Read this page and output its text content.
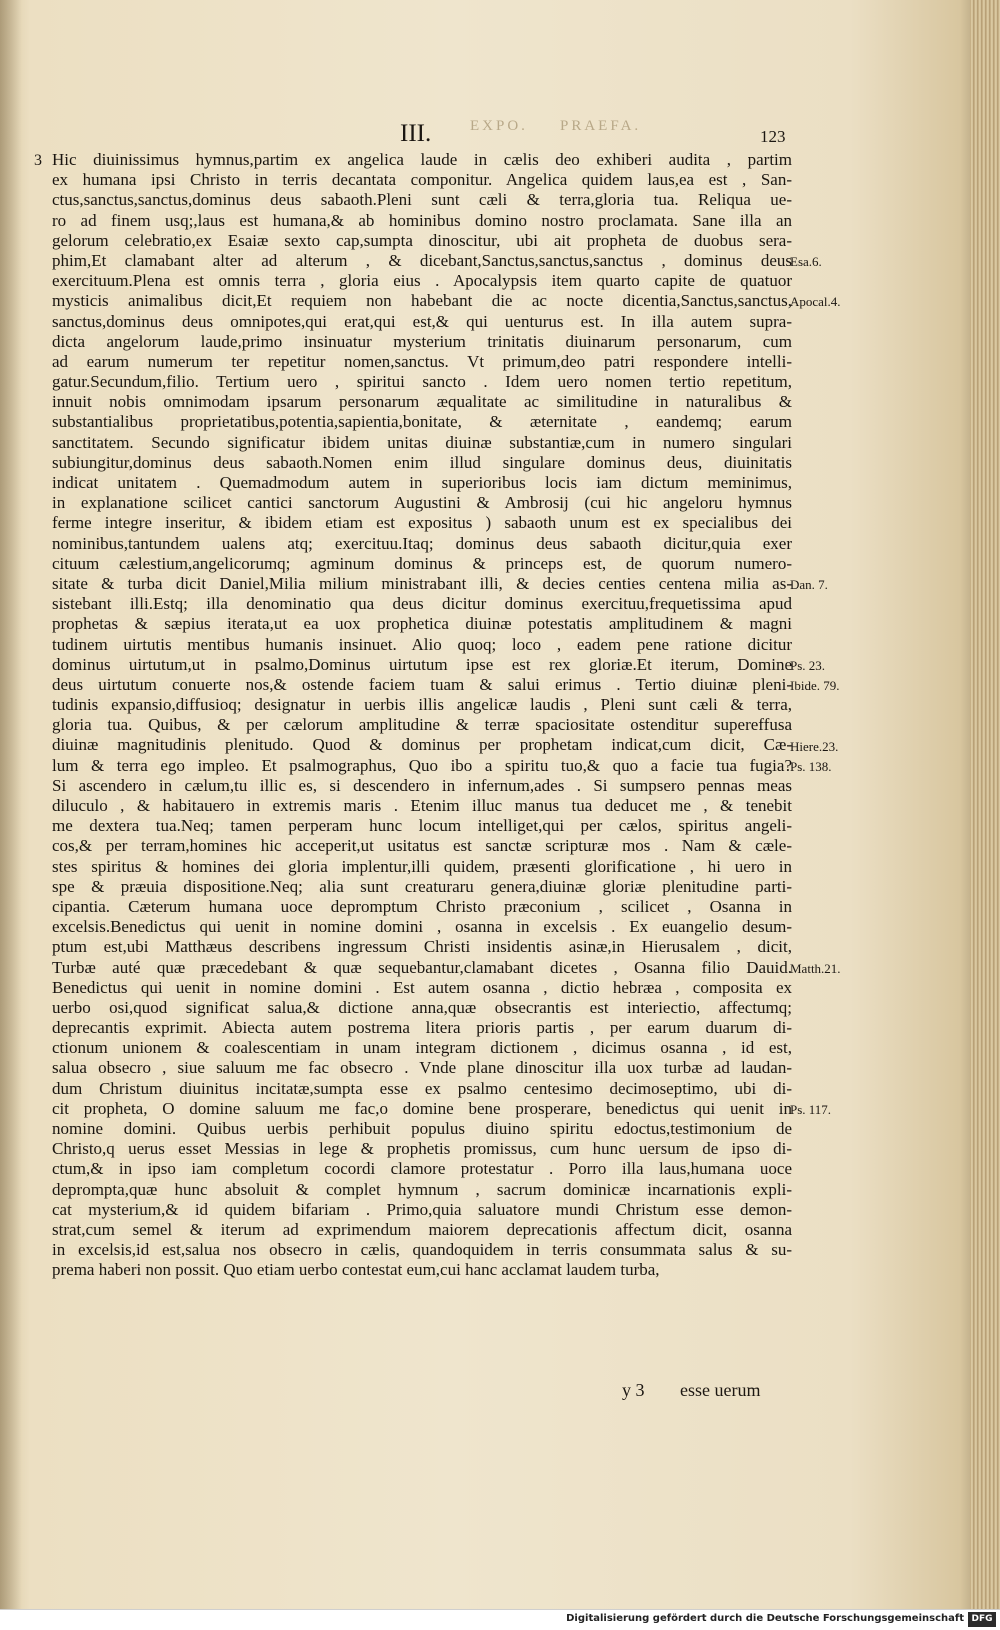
EXPO. PRAEFA.
III.	123
3 Hic diuinissimus hymnus,partim ex angelica laude in cælis deo exhiberi audita , partim
ex humana ipsi Christo in terris decantata componitur. Angelica quidem laus,ea est , San-
ctus,sanctus,sanctus,dominus deus sabaoth.Pleni sunt cæli & terra,gloria tua. Reliqua ue-
ro ad finem usq;,laus est humana,& ab hominibus domino nostro proclamata. Sane illa an
gelorum celebratio,ex Esaiæ sexto cap,sumpta dinoscitur, ubi ait propheta de duobus sera-
phim,Et clamabant alter ad alterum , & dicebant,Sanctus,sanctus,sanctus , dominus deus
exercituum.Plena est omnis terra , gloria eius . Apocalypsis item quarto capite de quatuor
mysticis animalibus dicit,Et requiem non habebant die ac nocte dicentia,Sanctus,sanctus,
sanctus,dominus deus omnipotes,qui erat,qui est,& qui uenturus est. In illa autem supra-
dicta angelorum laude,primo insinuatur mysterium trinitatis diuinarum personarum, cum
ad earum numerum ter repetitur nomen,sanctus. Vt primum,deo patri respondere intelli-
gatur.Secundum,filio. Tertium uero , spiritui sancto . Idem uero nomen tertio repetitum,
innuit nobis omnimodam ipsarum personarum æqualitate ac similitudine in naturalibus &
substantialibus proprietatibus,potentia,sapientia,bonitate, & æternitate , eandemq; earum
sanctitatem. Secundo significatur ibidem unitas diuinæ substantiæ,cum in numero singulari
subiungitur,dominus deus sabaoth.Nomen enim illud singulare dominus deus, diuinitatis
indicat unitatem . Quemadmodum autem in superioribus locis iam dictum meminimus,
in explanatione scilicet cantici sanctorum Augustini & Ambrosij (cui hic angeloru hymnus
ferme integre inseritur, & ibidem etiam est expositus ) sabaoth unum est ex specialibus dei
nominibus,tantundem ualens atq; exercituu.Itaq; dominus deus sabaoth dicitur,quia exer
cituum cælestium,angelicorumq; agminum dominus & princeps est, de quorum numero-
sitate & turba dicit Daniel,Milia milium ministrabant illi, & decies centies centena milia as-
sistebant illi.Estq; illa denominatio qua deus dicitur dominus exercituu,frequetissima apud
prophetas & sæpius iterata,ut ea uox prophetica diuinæ potestatis amplitudinem & magni
tudinem uirtutis mentibus humanis insinuet. Alio quoq; loco , eadem pene ratione dicitur
dominus uirtutum,ut in psalmo,Dominus uirtutum ipse est rex gloriæ.Et iterum, Domine
deus uirtutum conuerte nos,& ostende faciem tuam & salui erimus . Tertio diuinæ pleni-
tudinis expansio,diffusioq; designatur in uerbis illis angelicæ laudis , Pleni sunt cæli & terra,
gloria tua. Quibus, & per cælorum amplitudine & terræ spaciositate ostenditur supereffusa
diuinæ magnitudinis plenitudo. Quod & dominus per prophetam indicat,cum dicit, Cæ-
lum & terra ego impleo. Et psalmographus, Quo ibo a spiritu tuo,& quo a facie tua fugia?
Si ascendero in cælum,tu illic es, si descendero in infernum,ades . Si sumpsero pennas meas
diluculo , & habitauero in extremis maris . Etenim illuc manus tua deducet me , & tenebit
me dextera tua.Neq; tamen perperam hunc locum intelliget,qui per cælos, spiritus angeli-
cos,& per terram,homines hic acceperit,ut usitatus est sanctæ scripturæ mos . Nam & cæle-
stes spiritus & homines dei gloria implentur,illi quidem, præsenti glorificatione , hi uero in
spe & præuia dispositione.Neq; alia sunt creaturaru genera,diuinæ gloriæ plenitudine parti-
cipantia. Cæterum humana uoce depromptum Christo præconium , scilicet , Osanna in
excelsis.Benedictus qui uenit in nomine domini , osanna in excelsis . Ex euangelio desum-
ptum est,ubi Matthæus describens ingressum Christi insidentis asinæ,in Hierusalem , dicit,
Turbæ auté quæ præcedebant & quæ sequebantur,clamabant dicetes , Osanna filio Dauid.
Benedictus qui uenit in nomine domini . Est autem osanna , dictio hebræa , composita ex
uerbo osi,quod significat salua,& dictione anna,quæ obsecrantis est interiectio, affectumq;
deprecantis exprimit. Abiecta autem postrema litera prioris partis , per earum duarum di-
ctionum unionem & coalescentiam in unam integram dictionem , dicimus osanna , id est,
salua obsecro , siue saluum me fac obsecro . Vnde plane dinoscitur illa uox turbæ ad laudan-
dum Christum diuinitus incitatæ,sumpta esse ex psalmo centesimo decimoseptimo, ubi di-
cit propheta, O domine saluum me fac,o domine bene prosperare, benedictus qui uenit in
nomine domini. Quibus uerbis perhibuit populus diuino spiritu edoctus,testimonium de
Christo,q uerus esset Messias in lege & prophetis promissus, cum hunc uersum de ipso di-
ctum,& in ipso iam completum cocordi clamore protestatur . Porro illa laus,humana uoce
deprompta,quæ hunc absoluit & complet hymnum , sacrum dominicæ incarnationis expli-
cat mysterium,& id quidem bifariam . Primo,quia saluatore mundi Christum esse demon-
strat,cum semel & iterum ad exprimendum maiorem deprecationis affectum dicit, osanna
in excelsis,id est,salua nos obsecro in cælis, quandoquidem in terris consummata salus & su-
prema haberi non possit. Quo etiam uerbo contestat eum,cui hanc acclamat laudem turba,
Esa.6.
Apocal.4.
Dan. 7.
Ps. 23.
Ibide. 79.
Hiere.23.
Ps. 138.
Matth.21.
Ps. 117.
y 3 esse uerum
Digitalisierung gefördert durch die Deutsche Forschungsgemeinschaft DFG
